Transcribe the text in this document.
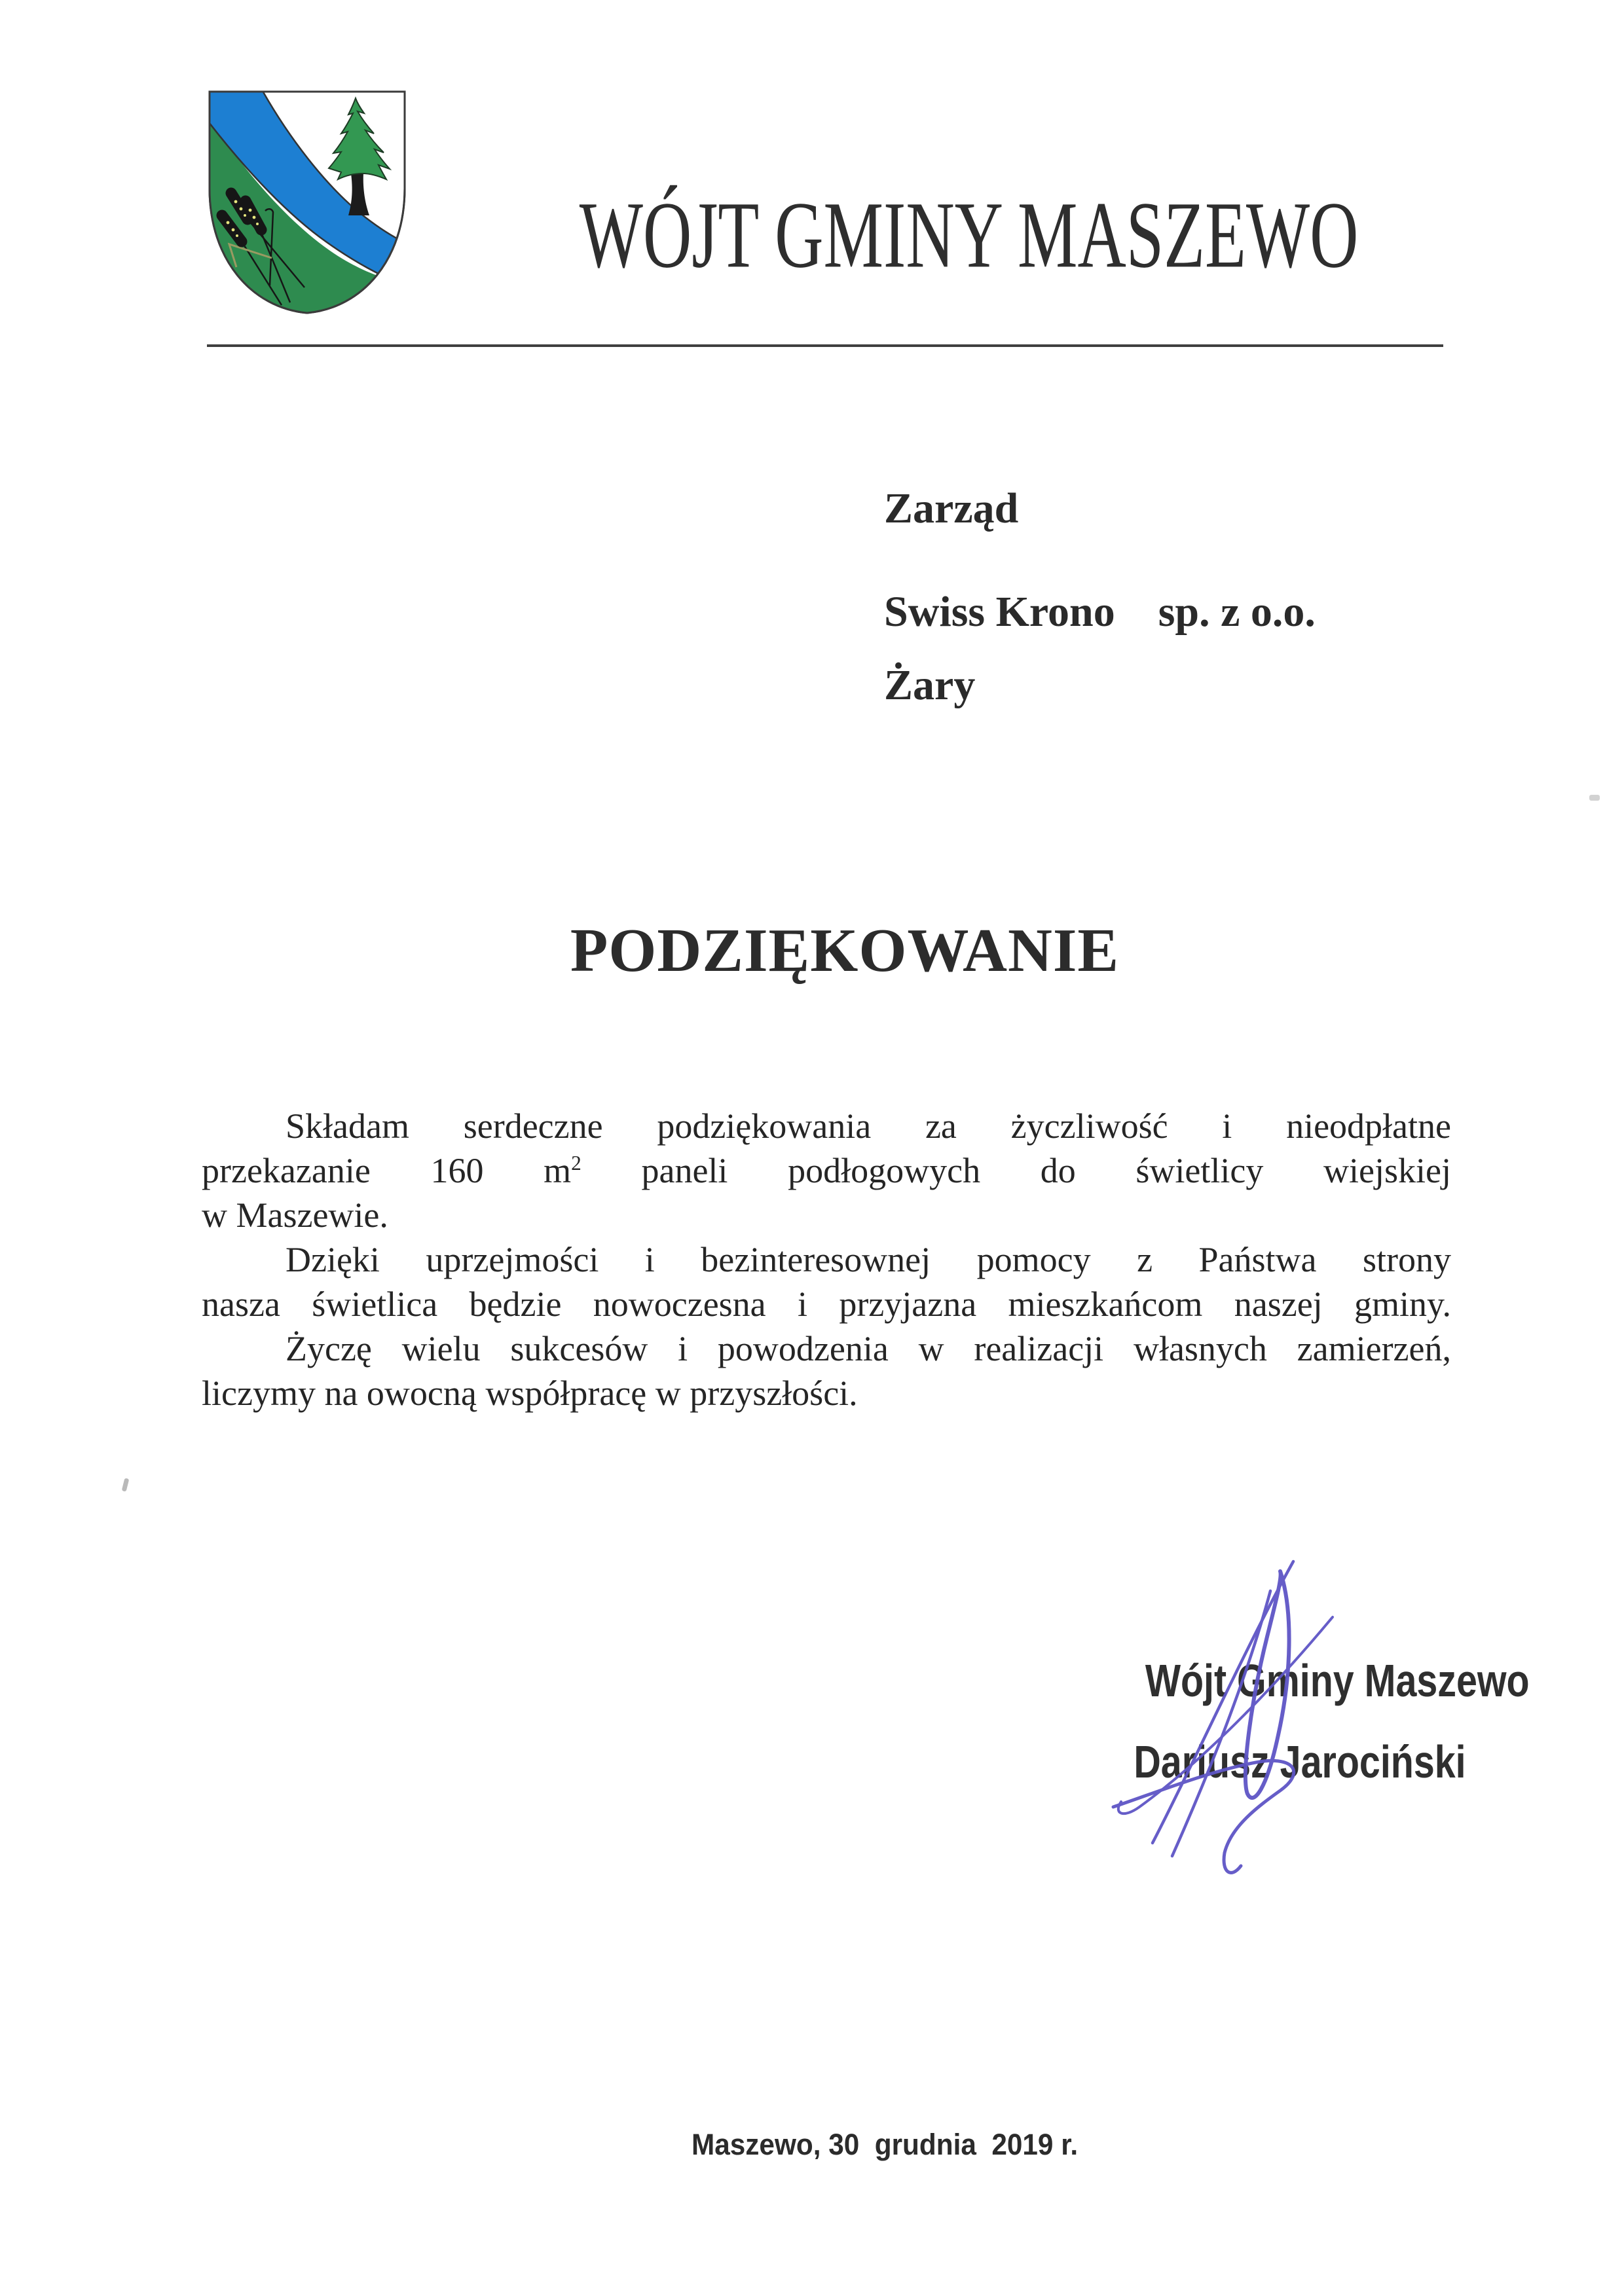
WÓJT GMINY MASZEWO
Zarząd
Swiss Krono    sp. z o.o.
Żary
PODZIĘKOWANIE
Składam serdeczne podziękowania za życzliwość i nieodpłatne
przekazanie 160 $m^2$ paneli podłogowych do świetlicy wiejskiej
w Maszewie.
Dzięki uprzejmości i bezinteresownej pomocy z Państwa strony
nasza świetlica będzie nowoczesna i przyjazna mieszkańcom naszej gminy.
Życzę wielu sukcesów i powodzenia w realizacji własnych zamierzeń,
liczymy na owocną współpracę w przyszłości.
Wójt Gminy Maszewo
Dariusz Jarociński
Maszewo, 30  grudnia  2019 r.
